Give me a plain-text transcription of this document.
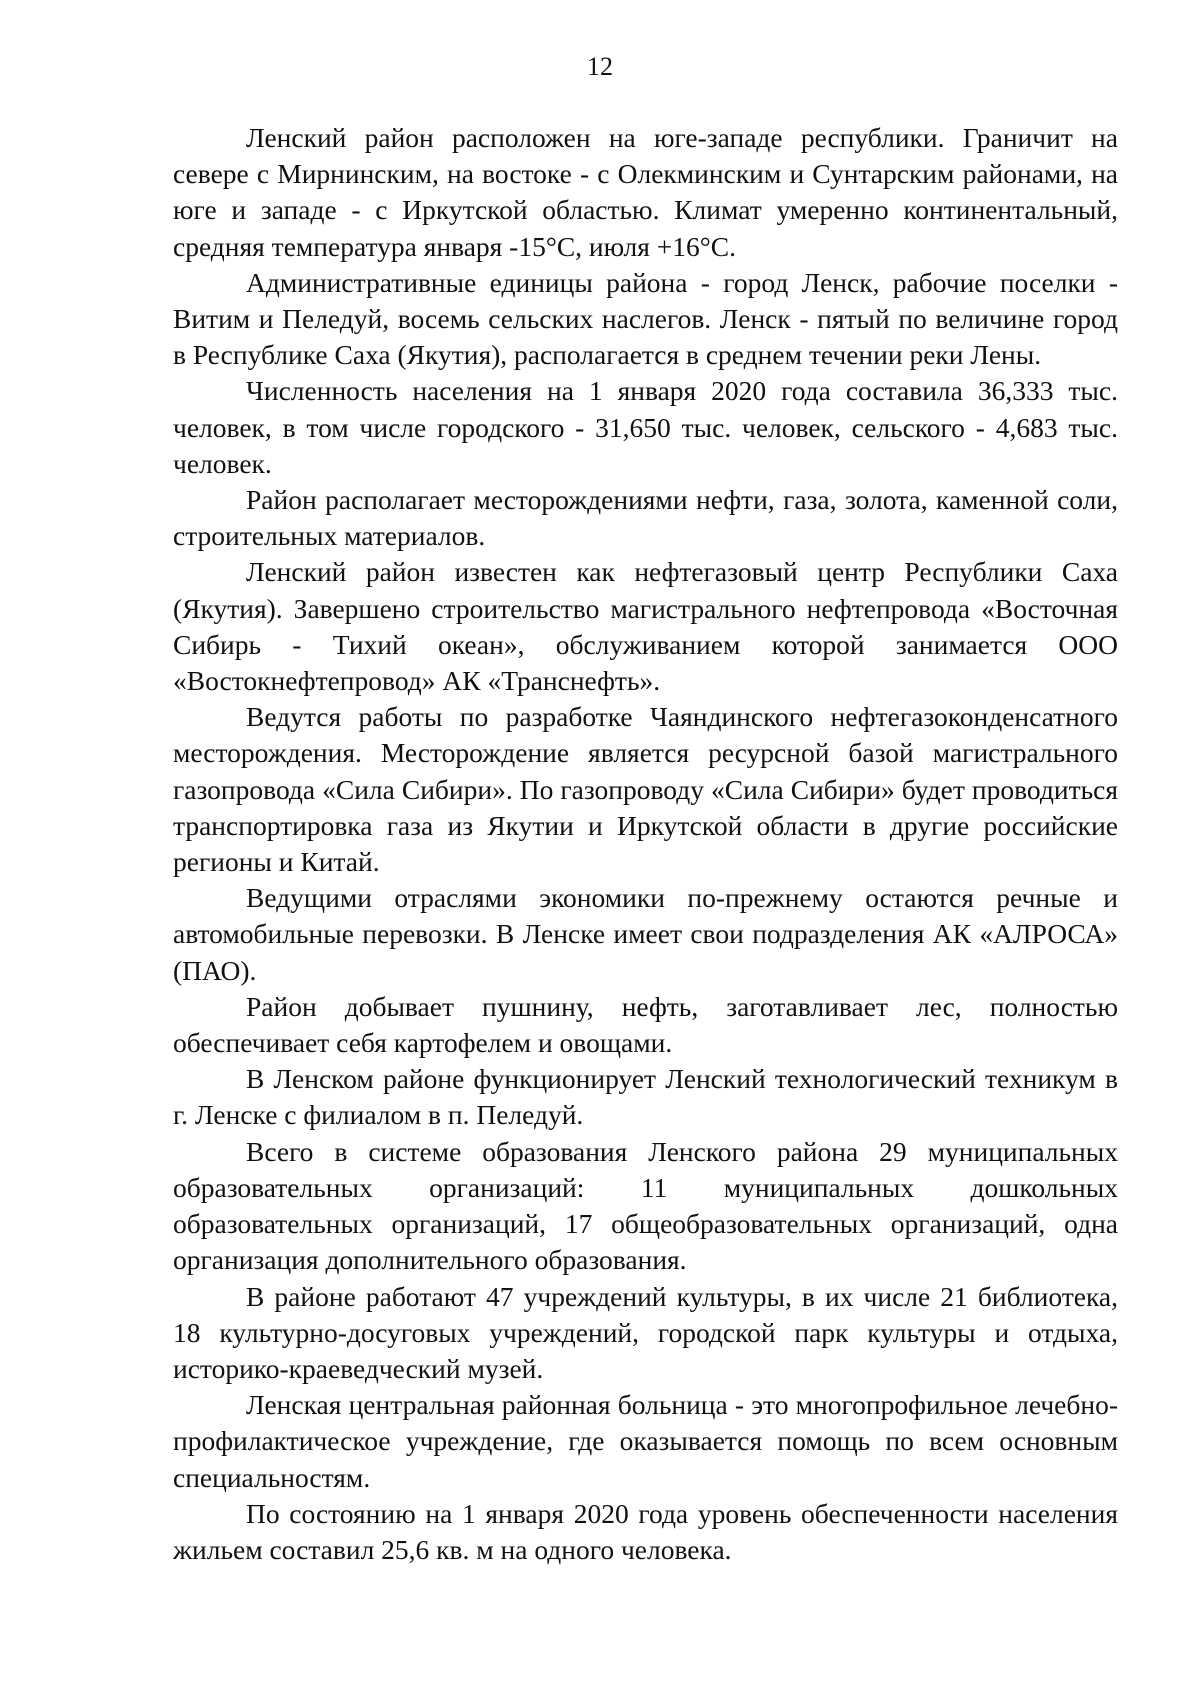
12

Ленский район расположен на юге-западе республики. Граничит на севере с Мирнинским, на востоке - с Олекминским и Сунтарским районами, на юге и западе - с Иркутской областью. Климат умеренно континентальный, средняя температура января -15°С, июля +16°С.

Административные единицы района - город Ленск, рабочие поселки - Витим и Пеледуй, восемь сельских наслегов. Ленск - пятый по величине город в Республике Саха (Якутия), располагается в среднем течении реки Лены.

Численность населения на 1 января 2020 года составила 36,333 тыс. человек, в том числе городского - 31,650 тыс. человек, сельского - 4,683 тыс. человек.

Район располагает месторождениями нефти, газа, золота, каменной соли, строительных материалов.

Ленский район известен как нефтегазовый центр Республики Саха (Якутия). Завершено строительство магистрального нефтепровода «Восточная Сибирь - Тихий океан», обслуживанием которой занимается ООО «Востокнефтепровод» АК «Транснефть».

Ведутся работы по разработке Чаяндинского нефтегазоконденсатного месторождения. Месторождение является ресурсной базой магистрального газопровода «Сила Сибири». По газопроводу «Сила Сибири» будет проводиться транспортировка газа из Якутии и Иркутской области в другие российские регионы и Китай.

Ведущими отраслями экономики по-прежнему остаются речные и автомобильные перевозки. В Ленске имеет свои подразделения АК «АЛРОСА» (ПАО).

Район добывает пушнину, нефть, заготавливает лес, полностью обеспечивает себя картофелем и овощами.

В Ленском районе функционирует Ленский технологический техникум в г. Ленске с филиалом в п. Пеледуй.

Всего в системе образования Ленского района 29 муниципальных образовательных организаций: 11 муниципальных дошкольных образовательных организаций, 17 общеобразовательных организаций, одна организация дополнительного образования.

В районе работают 47 учреждений культуры, в их числе 21 библиотека, 18 культурно-досуговых учреждений, городской парк культуры и отдыха, историко-краеведческий музей.

Ленская центральная районная больница - это многопрофильное лечебно-профилактическое учреждение, где оказывается помощь по всем основным специальностям.

По состоянию на 1 января 2020 года уровень обеспеченности населения жильем составил 25,6 кв. м на одного человека.
